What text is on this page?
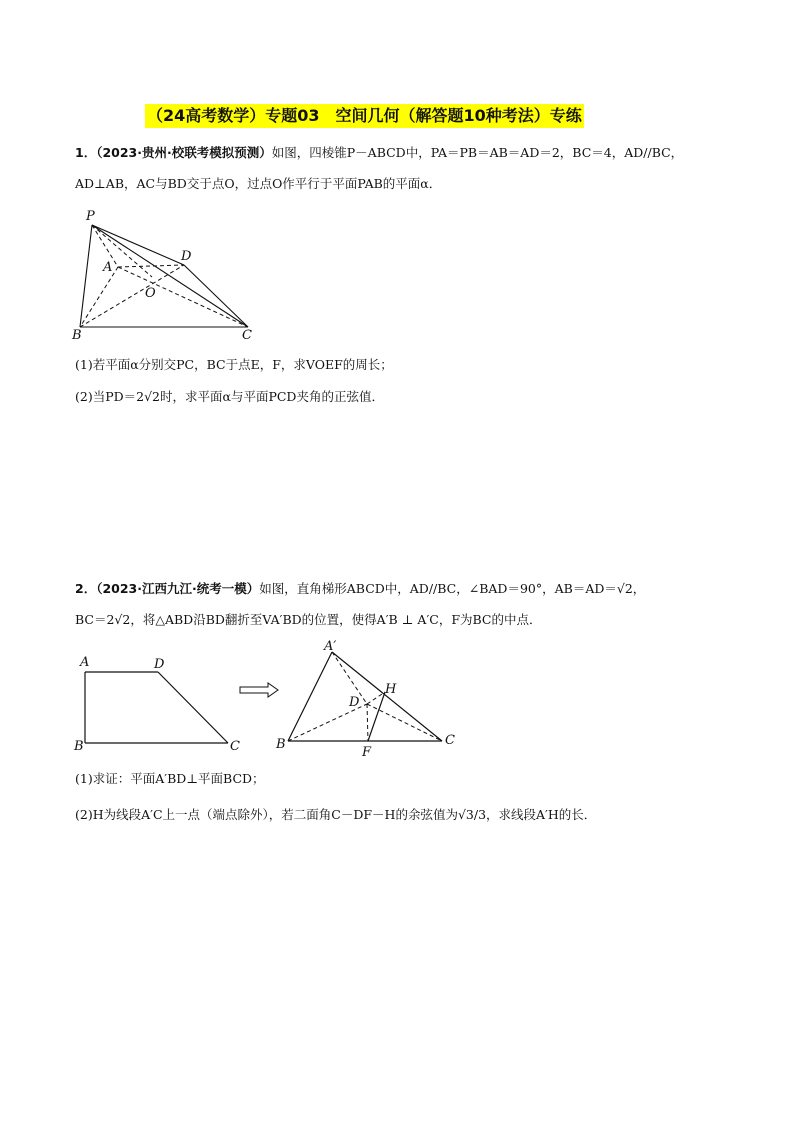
（24高考数学）专题03　空间几何（解答题10种考法）专练
1．（2023·贵州·校联考模拟预测）如图，四棱锥P－ABCD中，PA＝PB＝AB＝AD＝2，BC＝4，AD//BC，
AD⊥AB，AC与BD交于点O，过点O作平行于平面PAB的平面α．
P
A
D
O
B	C
(1)若平面α分别交PC，BC于点E，F，求VOEF的周长；
(2)当PD＝2√2时，求平面α与平面PCD夹角的正弦值．
2．（2023·江西九江·统考一模）如图，直角梯形ABCD中，AD//BC，∠BAD＝90°，AB＝AD＝√2，
BC＝2√2，将△ABD沿BD翻折至VA′BD的位置，使得A′B ⊥ A′C，F为BC的中点．
A	D
B	C
A′
H
D
B
F
C
(1)求证：平面A′BD⊥平面BCD；
(2)H为线段A′C上一点（端点除外），若二面角C－DF－H的余弦值为√3/3，求线段A′H的长．
